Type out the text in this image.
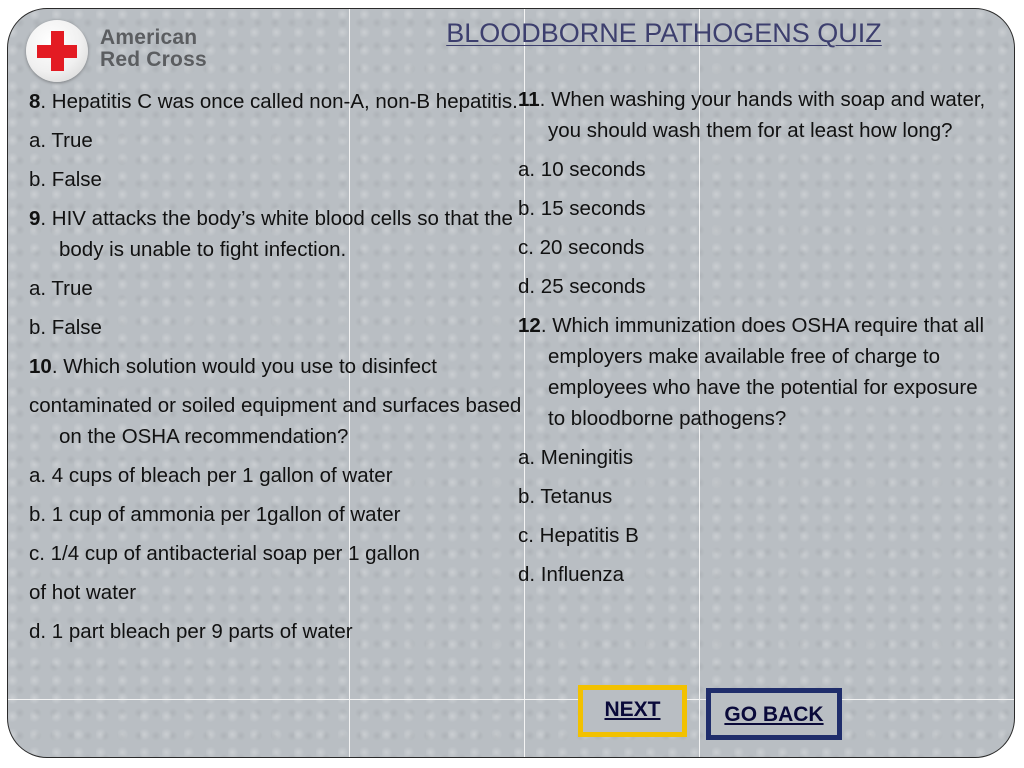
American
Red Cross
BLOODBORNE PATHOGENS QUIZ

8. Hepatitis C was once called non-A, non-B hepatitis.

a. True

b. False

9. HIV attacks the body’s white blood cells so that the body is unable to fight infection.

a. True

b. False

10. Which solution would you use to disinfect

contaminated or soiled equipment and surfaces based on the OSHA recommendation?

a. 4 cups of bleach per 1 gallon of water

b. 1 cup of ammonia per 1gallon of water

c. 1/4 cup of antibacterial soap per 1 gallon

of hot water

d. 1 part bleach per 9 parts of water

11. When washing your hands with soap and water, you should wash them for at least how long?

a. 10 seconds

b. 15 seconds

c. 20 seconds

d. 25 seconds

12. Which immunization does OSHA require that all employers make available free of charge to employees who have the potential for exposure to bloodborne pathogens?

a. Meningitis

b. Tetanus

c. Hepatitis B

d. Influenza

NEXT	GO BACK
